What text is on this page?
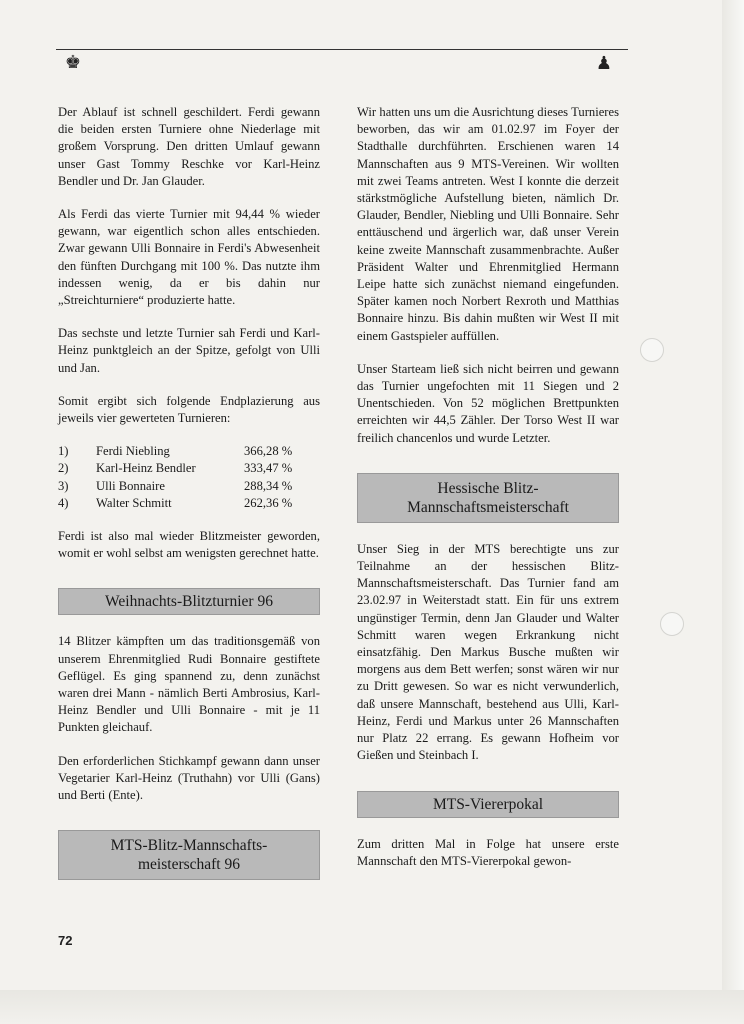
♚	♟

Der Ablauf ist schnell geschildert. Ferdi gewann die beiden ersten Turniere ohne Niederlage mit großem Vorsprung. Den dritten Umlauf gewann unser Gast Tommy Reschke vor Karl-Heinz Bendler und Dr. Jan Glauder.

Als Ferdi das vierte Turnier mit 94,44 % wieder gewann, war eigentlich schon alles entschieden. Zwar gewann Ulli Bonnaire in Ferdi's Abwesenheit den fünften Durchgang mit 100 %. Das nutzte ihm indessen wenig, da er bis dahin nur „Streichturniere“ produzierte hatte.

Das sechste und letzte Turnier sah Ferdi und Karl-Heinz punktgleich an der Spitze, gefolgt von Ulli und Jan.

Somit ergibt sich folgende Endplazierung aus jeweils vier gewerteten Turnieren:

1)	Ferdi Niebling	366,28 %
2)	Karl-Heinz Bendler	333,47 %
3)	Ulli Bonnaire	288,34 %
4)	Walter Schmitt	262,36 %

Ferdi ist also mal wieder Blitzmeister geworden, womit er wohl selbst am wenigsten gerechnet hatte.

Weihnachts-Blitzturnier 96

14 Blitzer kämpften um das traditionsgemäß von unserem Ehrenmitglied Rudi Bonnaire gestiftete Geflügel. Es ging spannend zu, denn zunächst waren drei Mann - nämlich Berti Ambrosius, Karl-Heinz Bendler und Ulli Bonnaire - mit je 11 Punkten gleichauf.

Den erforderlichen Stichkampf gewann dann unser Vegetarier Karl-Heinz (Truthahn) vor Ulli (Gans) und Berti (Ente).

MTS-Blitz-Mannschafts-
meisterschaft 96

Wir hatten uns um die Ausrichtung dieses Turnieres beworben, das wir am 01.02.97 im Foyer der Stadthalle durchführten. Erschienen waren 14 Mannschaften aus 9 MTS-Vereinen. Wir wollten mit zwei Teams antreten. West I konnte die derzeit stärkstmögliche Aufstellung bieten, nämlich Dr. Glauder, Bendler, Niebling und Ulli Bonnaire. Sehr enttäuschend und ärgerlich war, daß unser Verein keine zweite Mannschaft zusammenbrachte. Außer Präsident Walter und Ehrenmitglied Hermann Leipe hatte sich zunächst niemand eingefunden. Später kamen noch Norbert Rexroth und Matthias Bonnaire hinzu. Bis dahin mußten wir West II mit einem Gastspieler auffüllen.

Unser Starteam ließ sich nicht beirren und gewann das Turnier ungefochten mit 11 Siegen und 2 Unentschieden. Von 52 möglichen Brettpunkten erreichten wir 44,5 Zähler. Der Torso West II war freilich chancenlos und wurde Letzter.

Hessische Blitz-
Mannschaftsmeisterschaft

Unser Sieg in der MTS berechtigte uns zur Teilnahme an der hessischen Blitz-Mannschaftsmeisterschaft. Das Turnier fand am 23.02.97 in Weiterstadt statt. Ein für uns extrem ungünstiger Termin, denn Jan Glauder und Walter Schmitt waren wegen Erkrankung nicht einsatzfähig. Den Markus Busche mußten wir morgens aus dem Bett werfen; sonst wären wir nur zu Dritt gewesen. So war es nicht verwunderlich, daß unsere Mannschaft, bestehend aus Ulli, Karl-Heinz, Ferdi und Markus unter 26 Mannschaften nur Platz 22 errang. Es gewann Hofheim vor Gießen und Steinbach I.

MTS-Viererpokal

Zum dritten Mal in Folge hat unsere erste Mannschaft den MTS-Viererpokal gewon-

72
